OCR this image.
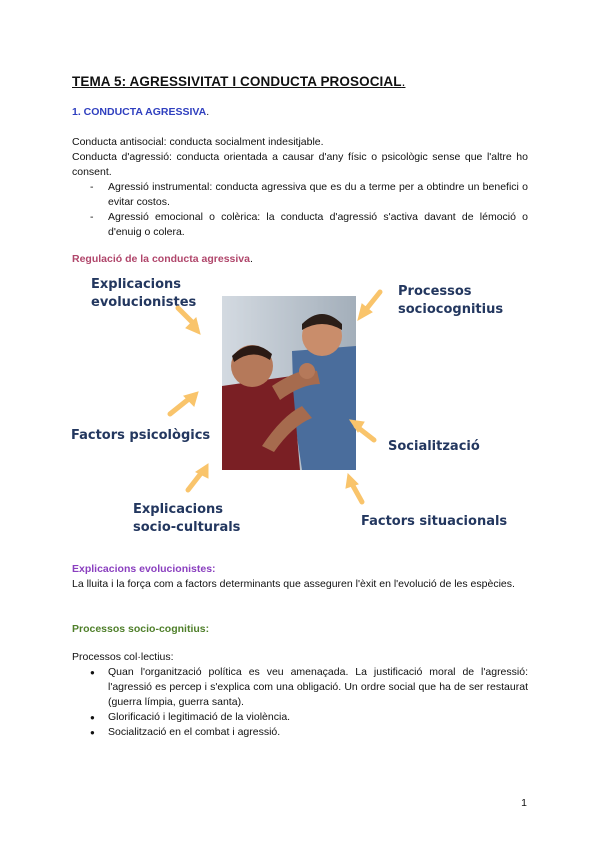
TEMA 5: AGRESSIVITAT I CONDUCTA PROSOCIAL.
1. CONDUCTA AGRESSIVA.
Conducta antisocial: conducta socialment indesitjable.
Conducta d'agressió: conducta orientada a causar d'any físic o psicològic sense que l'altre ho consent.
- Agressió instrumental: conducta agressiva que es du a terme per a obtindre un benefici o evitar costos.
- Agressió emocional o colèrica: la conducta d'agressió s'activa davant de lémoció o d'enuig o colera.
Regulació de la conducta agressiva.
Explicacions
evolucionistes
Processos
sociocognitius
Factors psicològics
Socialització
Explicacions
socio-culturals	Factors situacionals
Explicacions evolucionistes:
La lluita i la força com a factors determinants que asseguren l'èxit en l'evolució de les espècies.
Processos socio-cognitius:
Processos col·lectius:
● Quan l'organització política es veu amenaçada. La justificació moral de l'agressió: l'agressió es percep i s'explica com una obligació. Un ordre social que ha de ser restaurat (guerra límpia, guerra santa).
● Glorificació i legitimació de la violència.
● Socialització en el combat i agressió.
1
